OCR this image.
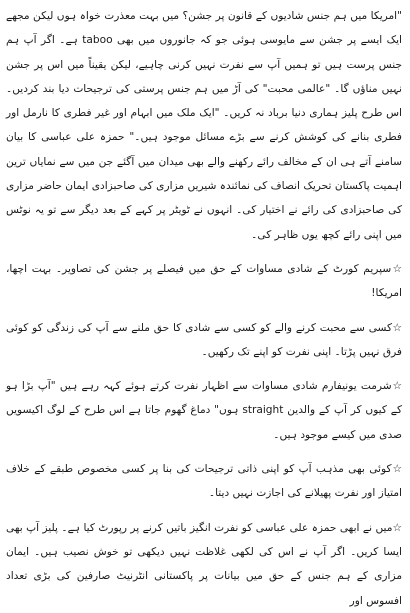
"امریکا میں ہم جنس شادیوں کے قانون پر جشن؟ میں بہت معذرت خواہ ہوں لیکن مجھے ایک ایسے پر جشن سے مایوسی ہوئی جو کہ جانوروں میں بھی taboo ہے۔ اگر آپ ہم جنس پرست ہیں تو ہمیں آپ سے نفرت نہیں کرنی چاہیے، لیکن یقیناً میں اس پر جشن نہیں مناؤں گا۔ "عالمی محبت" کی آڑ میں ہم جنس پرستی کی ترجیحات دیا بند کردیں۔ اس طرح پلیز ہماری دنیا برباد نہ کریں۔ "ایک ملک میں ابہام اور غیر فطری کا نارمل اور فطری بنانے کی کوشش کرنے سے بڑے مسائل موجود ہیں۔" حمزہ علی عباسی کا بیان سامنے آتے ہی ان کے مخالف رائے رکھنے والے بھی میدان میں آگئے جن میں سے نمایاں ترین اہمیت پاکستان تحریک انصاف کی نمائندہ شیریں مزاری کی صاحبزادی ایمان حاضر مزاری کی صاحبزادی کی رائے نے اختیار کی۔ انہوں نے ٹویٹر پر کہے کے بعد دیگر سے تو یہ نوٹس میں اپنی رائے کچھ یوں ظاہر کی۔

☆سپریم کورٹ کے شادی مساوات کے حق میں فیصلے پر جشن کی تصاویر۔ بہت اچھا، امریکا!

☆کسی سے محبت کرنے والے کو کسی سے شادی کا حق ملنے سے آپ کی زندگی کو کوئی فرق نہیں پڑتا۔ اپنی نفرت کو اپنے تک رکھیں۔

☆شرمت یونیفارم شادی مساوات سے اظہار نفرت کرتے ہوئے کہہ رہے ہیں "آپ بڑا ہو کے کیوں کر آپ کے والدین straight ہوں" دماغ گھوم جاتا ہے اس طرح کے لوگ اکیسویں صدی میں کیسے موجود ہیں۔

☆کوئی بھی مذہب آپ کو اپنی ذاتی ترجیحات کی بنا پر کسی مخصوص طبقے کے خلاف امتیاز اور نفرت پھیلانے کی اجازت نہیں دیتا۔

☆میں نے ابھی حمزہ علی عباسی کو نفرت انگیز باتیں کرنے پر رپورٹ کیا ہے۔ پلیز آپ بھی ایسا کریں۔ اگر آپ نے اس کی لکھی غلاظت نہیں دیکھی تو خوش نصیب ہیں۔ ایمان مزاری کے ہم جنس کے حق میں بیانات پر پاکستانی انٹرنیٹ صارفین کی بڑی تعداد افسوس اور
